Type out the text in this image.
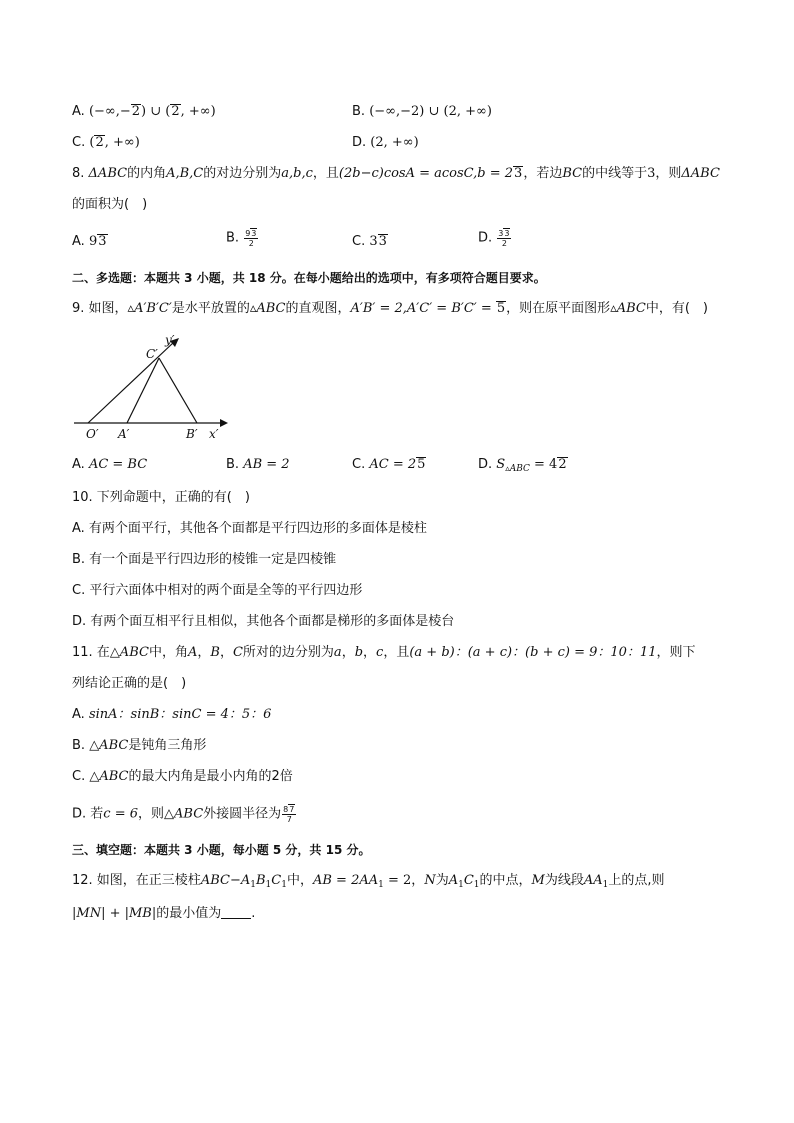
A. (−∞,−2) ∪ (2, +∞)	B. (−∞,−2) ∪ (2, +∞)
C. (2, +∞)	D. (2, +∞)
8. ΔABC的内角A,B,C的对边分别为a,b,c，且(2b−c)cosA = acosC,b = 23，若边BC的中线等于3，则ΔABC
的面积为(　)
A. 93	B. $\frac{93}{2}$	C. 33	D. $\frac{33}{2}$
二、多选题：本题共 3 小题，共 18 分。在每小题给出的选项中，有多项符合题目要求。
9. 如图，▵A′B′C′是水平放置的▵ABC的直观图，A′B′ = 2,A′C′ = B′C′ = 5，则在原平面图形▵ABC中，有(　)
C′
y′
O′ A′	B′ x′
A. AC = BC	B. AB = 2	C. AC = 25	D. $S_{▵ABC} = 42$
10. 下列命题中，正确的有(　)
A. 有两个面平行，其他各个面都是平行四边形的多面体是棱柱
B. 有一个面是平行四边形的棱锥一定是四棱锥
C. 平行六面体中相对的两个面是全等的平行四边形
D. 有两个面互相平行且相似，其他各个面都是梯形的多面体是棱台
11. 在△ABC中，角A，B，C所对的边分别为a，b，c，且(a + b)：(a + c)：(b + c) = 9：10：11，则下
列结论正确的是(　)
A. sinA：sinB：sinC = 4：5：6
B. △ABC是钝角三角形
C. △ABC的最大内角是最小内角的2倍
D. 若c = 6，则△ABC外接圆半径为 $\frac{87}{7}$
三、填空题：本题共 3 小题，每小题 5 分，共 15 分。
12. 如图，在正三棱柱$ABC-A_1B_1C_1$中，AB = $2AA_1 = 2$，N为$A_1C_1$的中点，M为线段$AA_1$上的点,则
|MN| + |MB|的最小值为 .
